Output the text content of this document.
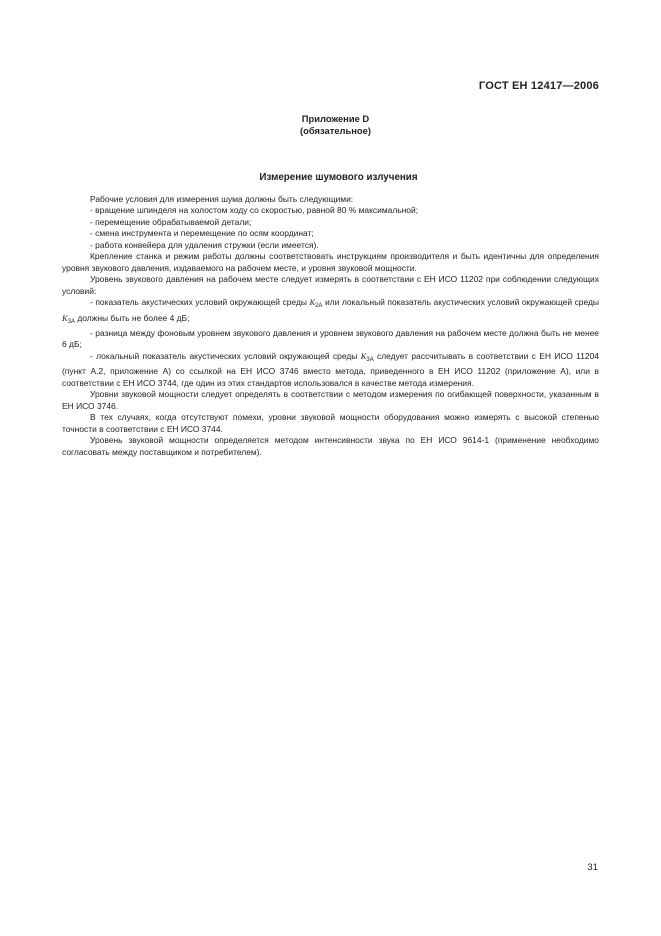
ГОСТ ЕН 12417—2006
Приложение D
(обязательное)
Измерение шумового излучения

Рабочие условия для измерения шума должны быть следующими:

- вращение шпинделя на холостом ходу со скоростью, равной 80 % максимальной;

- перемещение обрабатываемой детали;

- смена инструмента и перемещение по осям координат;

- работа конвейера для удаления стружки (если имеется).

Крепление станка и режим работы должны соответствовать инструкциям производителя и быть идентичны для определения уровня звукового давления, издаваемого на рабочем месте, и уровня звуковой мощности.

Уровень звукового давления на рабочем месте следует измерять в соответствии с ЕН ИСО 11202 при соблюдении следующих условий:

- показатель акустических условий окружающей среды $K_{2A}$ или локальный показатель акустических условий окружающей среды $K_{3A}$ должны быть не более 4 дБ;

- разница между фоновым уровнем звукового давления и уровнем звукового давления на рабочем месте должна быть не менее 6 дБ;

- локальный показатель акустических условий окружающей среды $K_{3A}$ следует рассчитывать в соответствии с ЕН ИСО 11204 (пункт А.2, приложение А) со ссылкой на ЕН ИСО 3746 вместо метода, приведенного в ЕН ИСО 11202 (приложение А), или в соответствии с ЕН ИСО 3744, где один из этих стандартов использовался в качестве метода измерения.

Уровни звуковой мощности следует определять в соответствии с методом измерения по огибающей поверхности, указанным в ЕН ИСО 3746.

В тех случаях, когда отсутствуют помехи, уровни звуковой мощности оборудования можно измерять с высокой степенью точности в соответствии с ЕН ИСО 3744.

Уровень звуковой мощности определяется методом интенсивности звука по ЕН ИСО 9614-1 (применение необходимо согласовать между поставщиком и потребителем).

31
